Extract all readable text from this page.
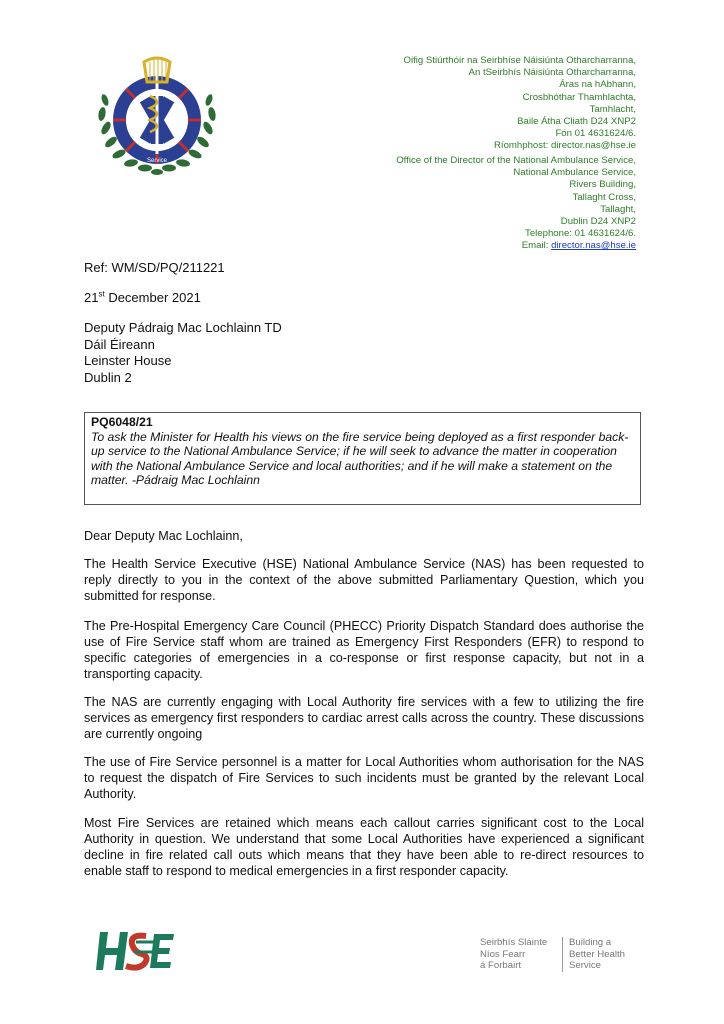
Service
Oifig Stiúrthóir na Seirbhíse Náisiúnta Otharcharranna,
An tSeirbhís Náisiúnta Otharcharranna,
Áras na hAbhann,
Crosbhóthar Thamhlachta,
Tamhlacht,
Baile Átha Cliath D24 XNP2
Fón 01 4631624/6.
Ríomhphost: director.nas@hse.ie
Office of the Director of the National Ambulance Service,
National Ambulance Service,
Rivers Building,
Tallaght Cross,
Tallaght,
Dublin D24 XNP2
Telephone: 01 4631624/6.
Email: director.nas@hse.ie
Ref: WM/SD/PQ/211221
21st December 2021
Deputy Pádraig Mac Lochlainn TD
Dáil Éireann
Leinster House
Dublin 2
PQ6048/21
To ask the Minister for Health his views on the fire service being deployed as a first responder back-up service to the National Ambulance Service; if he will seek to advance the matter in cooperation with the National Ambulance Service and local authorities; and if he will make a statement on the matter. -Pádraig Mac Lochlainn
Dear Deputy Mac Lochlainn,
The Health Service Executive (HSE) National Ambulance Service (NAS) has been requested to reply directly to you in the context of the above submitted Parliamentary Question, which you submitted for response.
The Pre-Hospital Emergency Care Council (PHECC) Priority Dispatch Standard does authorise the use of Fire Service staff whom are trained as Emergency First Responders (EFR) to respond to specific categories of emergencies in a co-response or first response capacity, but not in a transporting capacity.
The NAS are currently engaging with Local Authority fire services with a few to utilizing the fire services as emergency first responders to cardiac arrest calls across the country. These discussions are currently ongoing
The use of Fire Service personnel is a matter for Local Authorities whom authorisation for the NAS to request the dispatch of Fire Services to such incidents must be granted by the relevant Local Authority.
Most Fire Services are retained which means each callout carries significant cost to the Local Authority in question. We understand that some Local Authorities have experienced a significant decline in fire related call outs which means that they have been able to re-direct resources to enable staff to respond to medical emergencies in a first responder capacity.
Seirbhís Sláinte
Níos Fearr
á Forbairt
Building a
Better Health
Service
